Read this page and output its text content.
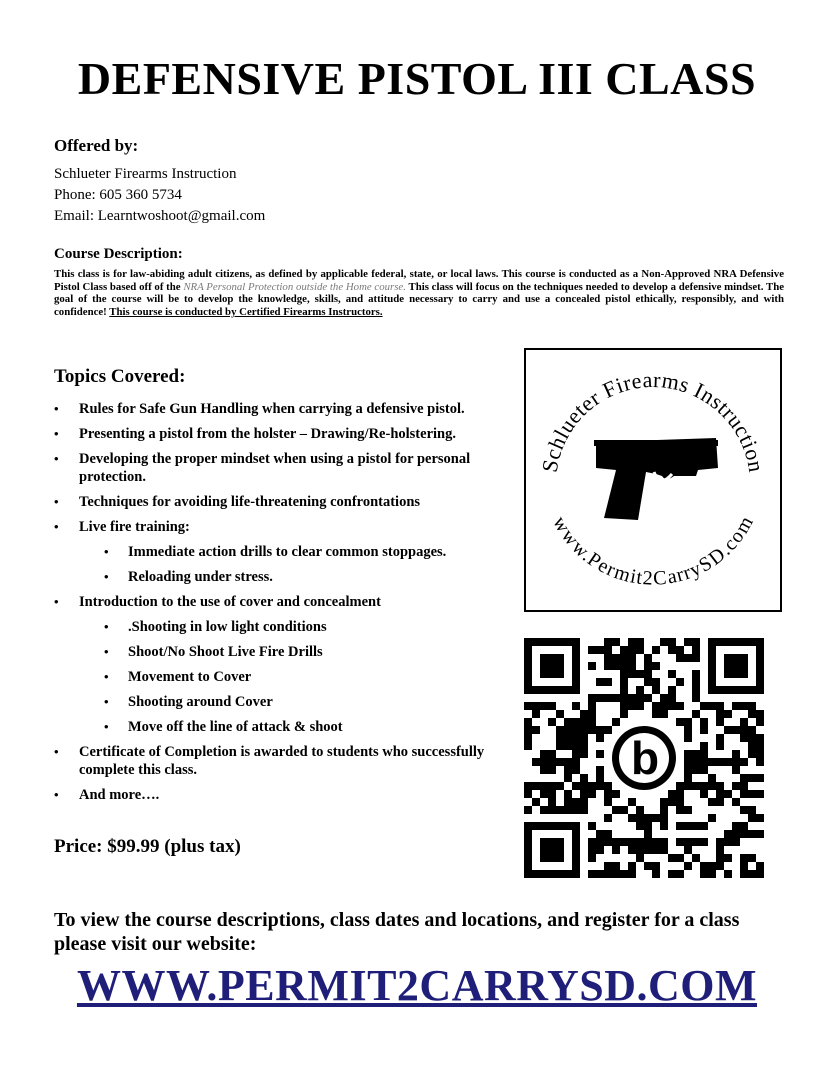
DEFENSIVE PISTOL III CLASS
Offered by:
Schlueter Firearms Instruction
Phone: 605 360 5734
Email: Learntwoshoot@gmail.com
Course Description:
This class is for law-abiding adult citizens, as defined by applicable federal, state, or local laws. This course is conducted as a Non-Approved NRA Defensive Pistol Class based off of the NRA Personal Protection outside the Home course. This class will focus on the techniques needed to develop a defensive mindset. The goal of the course will be to develop the knowledge, skills, and attitude necessary to carry and use a concealed pistol ethically, responsibly, and with confidence! This course is conducted by Certified Firearms Instructors.
Topics Covered:
• Rules for Safe Gun Handling when carrying a defensive pistol.
• Presenting a pistol from the holster – Drawing/Re-holstering.
• Developing the proper mindset when using a pistol for personal protection.
• Techniques for avoiding life-threatening confrontations
• Live fire training:
• Immediate action drills to clear common stoppages.
• Reloading under stress.
• Introduction to the use of cover and concealment
• .Shooting in low light conditions
• Shoot/No Shoot Live Fire Drills
• Movement to Cover
• Shooting around Cover
• Move off the line of attack & shoot
• Certificate of Completion is awarded to students who successfully complete this class.
• And more….
Price: $99.99 (plus tax)
Schlueter Firearms Instruction
www.Permit2CarrySD.com
b
To view the course descriptions, class dates and locations, and register for a class please visit our website:
WWW.PERMIT2CARRYSD.COM
